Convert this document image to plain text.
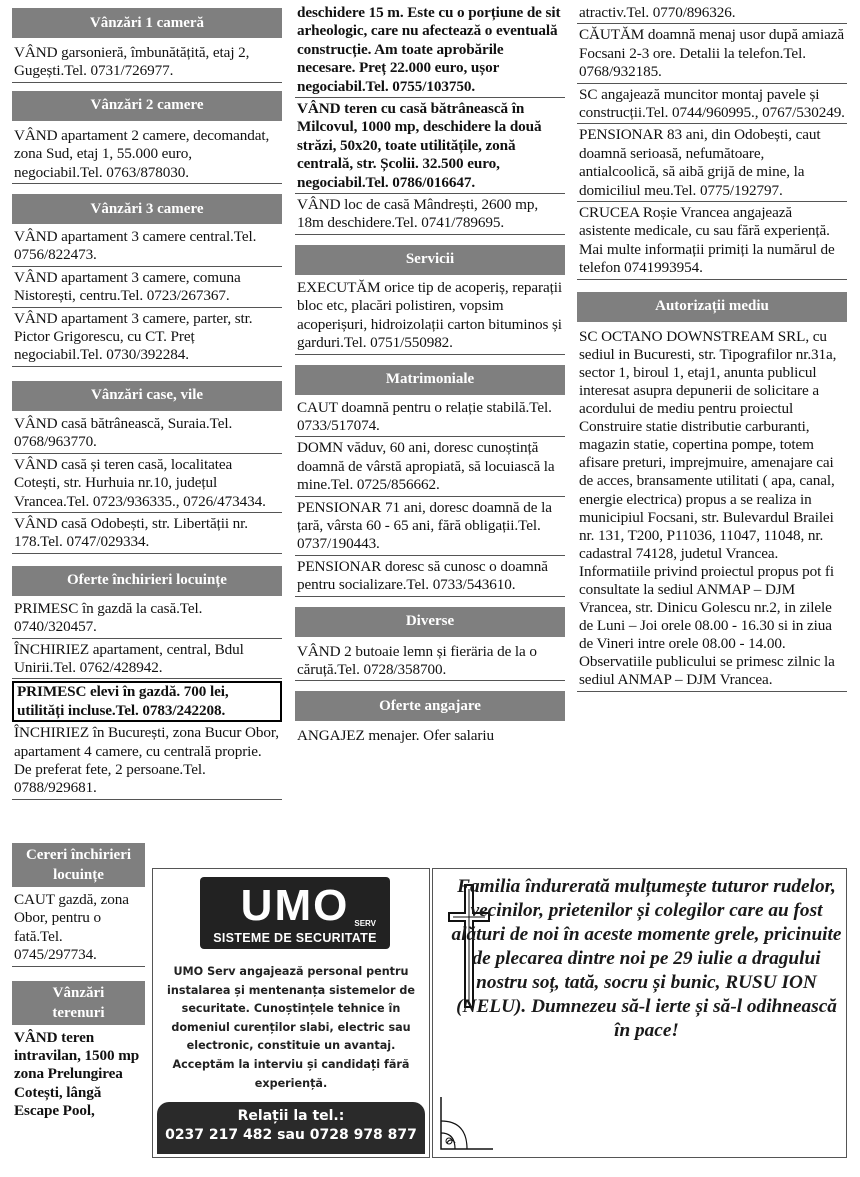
Vânzări 1 cameră
VÂND garsonieră, îmbunătățită, etaj 2, Gugești.Tel. 0731/726977.
Vânzări 2 camere
VÂND apartament 2 camere, decomandat, zona Sud, etaj 1, 55.000 euro, negociabil.Tel. 0763/878030.
Vânzări 3 camere
VÂND apartament 3 camere central.Tel. 0756/822473.
VÂND apartament 3 camere, comuna Nistorești, centru.Tel. 0723/267367.
VÂND apartament 3 camere, parter, str. Pictor Grigorescu, cu CT. Preț negociabil.Tel. 0730/392284.
Vânzări case, vile
VÂND casă bătrânească, Suraia.Tel. 0768/963770.
VÂND casă și teren casă, localitatea Cotești, str. Hurhuia nr.10, județul Vrancea.Tel. 0723/936335., 0726/473434.
VÂND casă Odobești, str. Libertății nr. 178.Tel. 0747/029334.
Oferte închirieri locuințe
PRIMESC în gazdă la casă.Tel. 0740/320457.
ÎNCHIRIEZ apartament, central, Bdul Unirii.Tel. 0762/428942.
PRIMESC elevi în gazdă. 700 lei, utilități incluse.Tel. 0783/242208.
ÎNCHIRIEZ în București, zona Bucur Obor, apartament 4 camere, cu centrală proprie. De preferat fete, 2 persoane.Tel. 0788/929681.
Cereri închirieri locuințe
CAUT gazdă, zona Obor, pentru o fată.Tel. 0745/297734.
Vânzări terenuri
VÂND teren intravilan, 1500 mp zona Prelungirea Cotești, lângă Escape Pool,
deschidere 15 m. Este cu o porțiune de sit arheologic, care nu afectează o eventuală construcție. Am toate aprobările necesare. Preț 22.000 euro, ușor negociabil.Tel. 0755/103750.
VÂND teren cu casă bătrânească în Milcovul, 1000 mp, deschidere la două străzi, 50x20, toate utilitățile, zonă centrală, str. Școlii. 32.500 euro, negociabil.Tel. 0786/016647.
VÂND loc de casă Mândrești, 2600 mp, 18m deschidere.Tel. 0741/789695.
Servicii
EXECUTĂM orice tip de acoperiș, reparații bloc etc, placări polistiren, vopsim acoperișuri, hidroizolații carton bituminos și garduri.Tel. 0751/550982.
Matrimoniale
CAUT doamnă pentru o relație stabilă.Tel. 0733/517074.
DOMN văduv, 60 ani, doresc cunoștință doamnă de vârstă apropiată, să locuiască la mine.Tel. 0725/856662.
PENSIONAR 71 ani, doresc doamnă de la țară, vârsta 60 - 65 ani, fără obligații.Tel. 0737/190443.
PENSIONAR doresc să cunosc o doamnă pentru socializare.Tel. 0733/543610.
Diverse
VÂND 2 butoaie lemn și fieräria de la o căruță.Tel. 0728/358700.
Oferte angajare
ANGAJEZ menajer. Ofer salariu
atractiv.Tel. 0770/896326.
CĂUTĂM doamnă menaj usor după amiază Focsani 2-3 ore. Detalii la telefon.Tel. 0768/932185.
SC angajează muncitor montaj pavele și construcții.Tel. 0744/960995., 0767/530249.
PENSIONAR 83 ani, din Odobești, caut doamnă serioasă, nefumătoare, antialcoolică, să aibă grijă de mine, la domiciliul meu.Tel. 0775/192797.
CRUCEA Roșie Vrancea angajează asistente medicale, cu sau fără experiență. Mai multe informații primiți la numărul de telefon 0741993954.
Autorizații mediu
SC OCTANO DOWNSTREAM SRL, cu sediul in Bucuresti, str. Tipografilor nr.31a, sector 1, biroul 1, etaj1, anunta publicul interesat asupra depunerii de solicitare a acordului de mediu pentru proiectul Construire statie distributie carburanti, magazin statie, copertina pompe, totem afisare preturi, imprejmuire, amenajare cai de acces, bransamente utilitati ( apa, canal, energie electrica) propus a se realiza in municipiul Focsani, str. Bulevardul Brailei nr. 131, T200, P11036, 11047, 11048, nr. cadastral 74128, judetul Vrancea. Informatiile privind proiectul propus pot fi consultate la sediul ANMAP – DJM Vrancea, str. Dinicu Golescu nr.2, in zilele de Luni – Joi orele 08.00 - 16.30 si in ziua de Vineri intre orele 08.00 - 14.00. Observatiile publicului se primesc zilnic la sediul ANMAP – DJM Vrancea.
UMO SERV
SISTEME DE SECURITATE
UMO Serv angajează personal pentru instalarea și mentenanța sistemelor de securitate. Cunoștințele tehnice în domeniul curenților slabi, electric sau electronic, constituie un avantaj. Acceptăm la interviu și candidați fără experiență.
Relații la tel.:
0237 217 482 sau 0728 978 877
Familia îndurerată mulțumește tuturor rudelor, vecinilor, prietenilor și colegilor care au fost alături de noi în aceste momente grele, pricinuite de plecarea dintre noi pe 29 iulie a dragului nostru soț, tată, socru și bunic, RUSU ION (NELU). Dumnezeu să-l ierte și să-l odihnească în pace!
